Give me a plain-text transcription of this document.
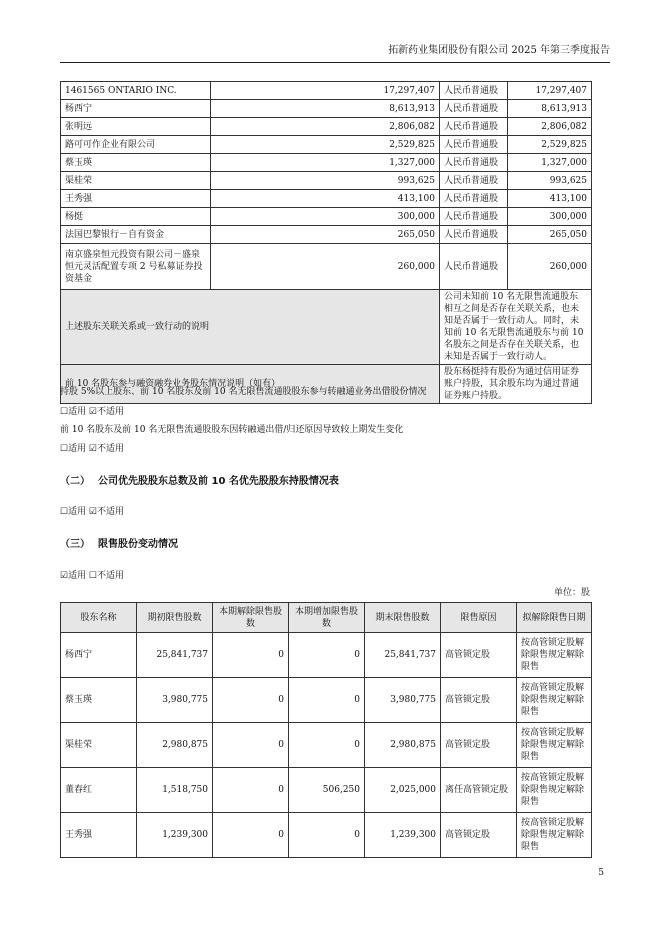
拓新药业集团股份有限公司 2025 年第三季度报告
1461565 ONTARIO INC.	17,297,407	人民币普通股	17,297,407
杨西宁	8,613,913	人民币普通股	8,613,913
张明远	2,806,082	人民币普通股	2,806,082
路可可作企业有限公司	2,529,825	人民币普通股	2,529,825
蔡玉瑛	1,327,000	人民币普通股	1,327,000
渠桂荣	993,625	人民币普通股	993,625
王秀强	413,100	人民币普通股	413,100
杨挺	300,000	人民币普通股	300,000
法国巴黎银行－自有资金	265,050	人民币普通股	265,050
南京盛泉恒元投资有限公司－盛泉恒元灵活配置专项 2 号私募证券投资基金	260,000	人民币普通股	260,000
上述股东关联关系或一致行动的说明		公司未知前 10 名无限售流通股东相互之间是否存在关联关系，也未知是否属于一致行动人。同时，未知前 10 名无限售流通股东与前 10 名股东之间是否存在关联关系，也未知是否属于一致行动人。	
前 10 名股东参与融资融券业务股东情况说明（如有）		股东杨挺持有股份为通过信用证券账户持股，其余股东均为通过普通证券账户持股。	
持股 5%以上股东、前 10 名股东及前 10 名无限售流通股股东参与转融通业务出借股份情况
☐适用 ☑不适用
前 10 名股东及前 10 名无限售流通股股东因转融通出借/归还原因导致较上期发生变化
☐适用 ☑不适用
（二） 公司优先股股东总数及前 10 名优先股股东持股情况表
☐适用 ☑不适用
（三） 限售股份变动情况
☑适用 ☐不适用
单位：股
股东名称	期初限售股数	本期解除限售股数	本期增加限售股数	期末限售股数	限售原因	拟解除限售日期
杨西宁	25,841,737	0	0	25,841,737	高管锁定股	按高管锁定股解除限售规定解除限售
蔡玉瑛	3,980,775	0	0	3,980,775	高管锁定股	按高管锁定股解除限售规定解除限售
渠桂荣	2,980,875	0	0	2,980,875	高管锁定股	按高管锁定股解除限售规定解除限售
董春红	1,518,750	0	506,250	2,025,000	离任高管锁定股	按高管锁定股解除限售规定解除限售
王秀强	1,239,300	0	0	1,239,300	高管锁定股	按高管锁定股解除限售规定解除限售
5
